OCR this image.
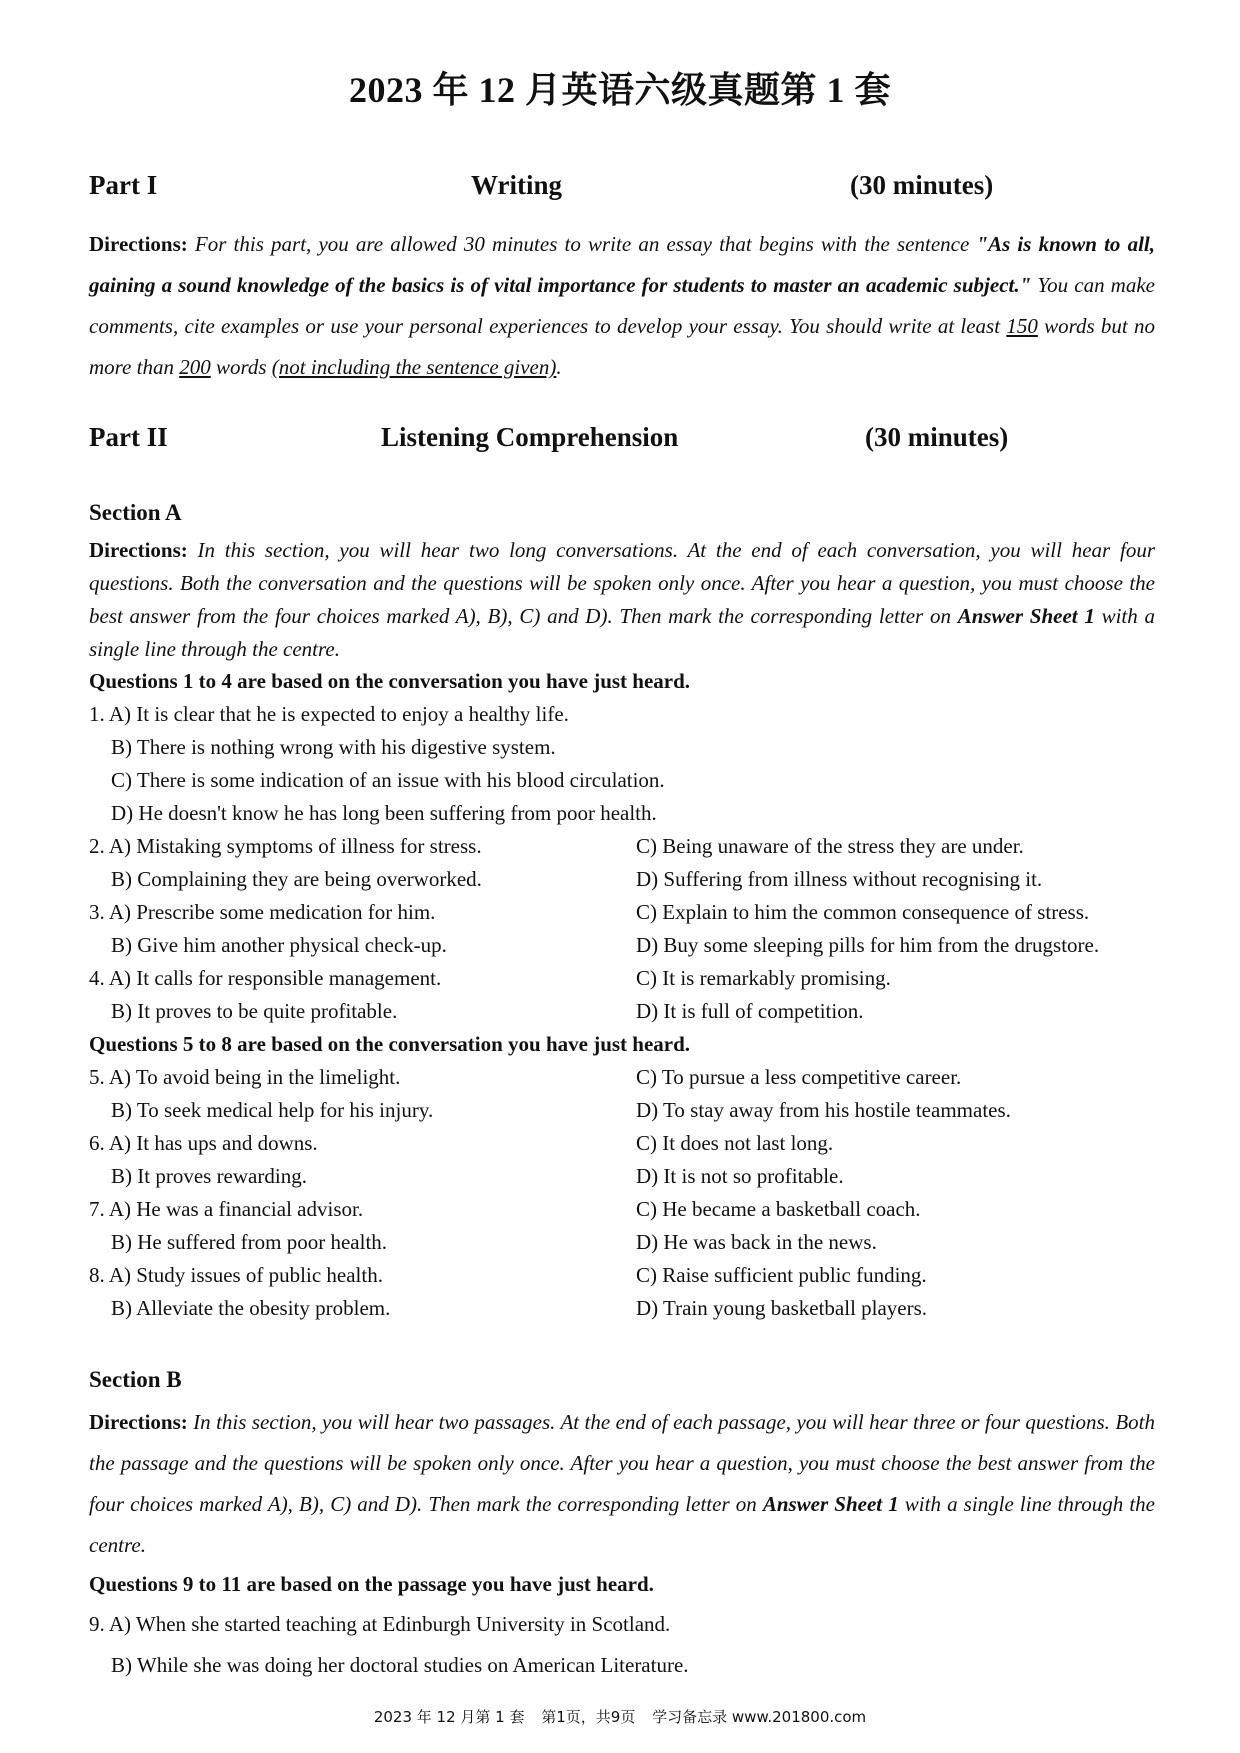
2023 年 12 月英语六级真题第 1 套
Part I	Writing	(30 minutes)
Directions: For this part, you are allowed 30 minutes to write an essay that begins with the sentence "As is known to all, gaining a sound knowledge of the basics is of vital importance for students to master an academic subject." You can make comments, cite examples or use your personal experiences to develop your essay. You should write at least 150 words but no more than 200 words (not including the sentence given).
Part II	Listening Comprehension	(30 minutes)
Section A
Directions: In this section, you will hear two long conversations. At the end of each conversation, you will hear four questions. Both the conversation and the questions will be spoken only once. After you hear a question, you must choose the best answer from the four choices marked A), B), C) and D). Then mark the corresponding letter on Answer Sheet 1 with a single line through the centre.
Questions 1 to 4 are based on the conversation you have just heard.
1. A) It is clear that he is expected to enjoy a healthy life.
B) There is nothing wrong with his digestive system.
C) There is some indication of an issue with his blood circulation.
D) He doesn't know he has long been suffering from poor health.
2. A) Mistaking symptoms of illness for stress.	C) Being unaware of the stress they are under.
B) Complaining they are being overworked.	D) Suffering from illness without recognising it.
3. A) Prescribe some medication for him.	C) Explain to him the common consequence of stress.
B) Give him another physical check-up.	D) Buy some sleeping pills for him from the drugstore.
4. A) It calls for responsible management.	C) It is remarkably promising.
B) It proves to be quite profitable.	D) It is full of competition.
Questions 5 to 8 are based on the conversation you have just heard.
5. A) To avoid being in the limelight.	C) To pursue a less competitive career.
B) To seek medical help for his injury.	D) To stay away from his hostile teammates.
6. A) It has ups and downs.	C) It does not last long.
B) It proves rewarding.	D) It is not so profitable.
7. A) He was a financial advisor.	C) He became a basketball coach.
B) He suffered from poor health.	D) He was back in the news.
8. A) Study issues of public health.	C) Raise sufficient public funding.
B) Alleviate the obesity problem.	D) Train young basketball players.
Section B
Directions: In this section, you will hear two passages. At the end of each passage, you will hear three or four questions. Both the passage and the questions will be spoken only once. After you hear a question, you must choose the best answer from the four choices marked A), B), C) and D). Then mark the corresponding letter on Answer Sheet 1 with a single line through the centre.
Questions 9 to 11 are based on the passage you have just heard.
9. A) When she started teaching at Edinburgh University in Scotland.
B) While she was doing her doctoral studies on American Literature.
2023 年 12 月第 1 套 第1页，共9页 学习备忘录 www.201800.com
